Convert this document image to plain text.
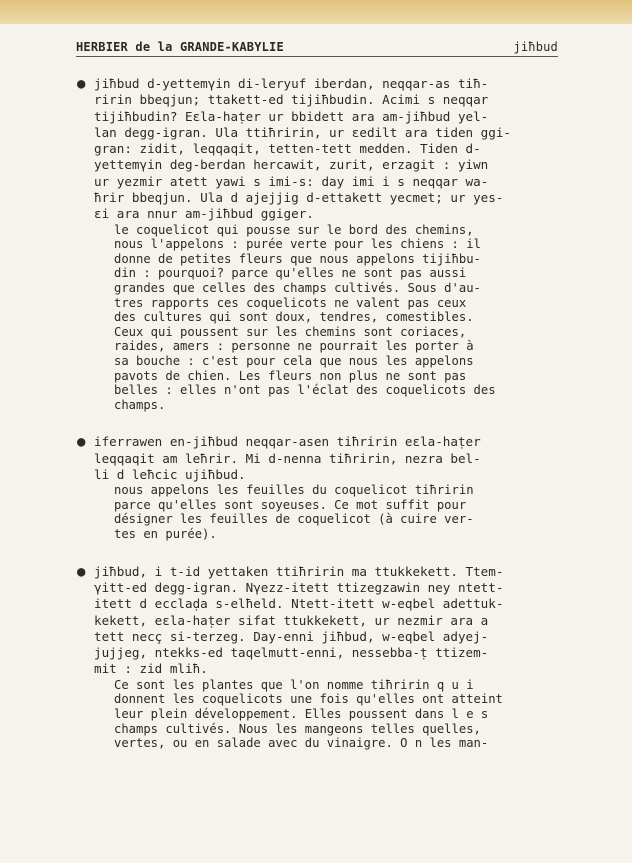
HERBIER de la GRANDE-KABYLIE	jiħbud
● jiħbud d-yettemγin di-leryuf iberdan, neqqar-as tiħ-
ririn bbeqjun; ttakett-ed tijiħbudin. Acimi s neqqar
tijiħbudin? Eεla-haṭer ur bbidett ara am-jiħbud yel-
lan degg-igran. Ula ttiħririn, ur εedilt ara tiden ggi-
gran: zidit, leqqaqit, tetten-tett medden. Tiden d-
yettemγin deg-berdan hercawit, zurit, erzagit : yiwn
ur yezmir atett yawi s imi-s: day imi i s neqqar wa-
ħrir bbeqjun. Ula d ajejjig d-ettakett yecmet; ur yes-
εi ara nnur am-jiħbud ggiger.
le coquelicot qui pousse sur le bord des chemins,
nous l'appelons : purée verte pour les chiens : il
donne de petites fleurs que nous appelons tijiħbu-
din : pourquoi? parce qu'elles ne sont pas aussi
grandes que celles des champs cultivés. Sous d'au-
tres rapports ces coquelicots ne valent pas ceux
des cultures qui sont doux, tendres, comestibles.
Ceux qui poussent sur les chemins sont coriaces,
raides, amers : personne ne pourrait les porter à
sa bouche : c'est pour cela que nous les appelons
pavots de chien. Les fleurs non plus ne sont pas
belles : elles n'ont pas l'éclat des coquelicots des
champs.
● iferrawen en-jiħbud neqqar-asen tiħririn eεla-haṭer
leqqaqit am leħrir. Mi d-nenna tiħririn, nezra bel-
li d leħcic ujiħbud.
nous appelons les feuilles du coquelicot tiħririn
parce qu'elles sont soyeuses. Ce mot suffit pour
désigner les feuilles de coquelicot (à cuire ver-
tes en purée).
● jiħbud, i t-id yettaken ttiħririn ma ttukkekett. Ttem-
γitt-ed degg-igran. Nγezz-itett ttizegzawin ney ntett-
itett d ecclaḍa s-elħeld. Ntett-itett w-eqbel adettuk-
kekett, eεla-haṭer sifat ttukkekett, ur nezmir ara a
tett necç si-terzeg. Day-enni jiħbud, w-eqbel adyej-
jujjeg, ntekks-ed taqelmutt-enni, nessebba-ṭ ttizem-
mit : zid mliħ.
Ce sont les plantes que l'on nomme tiħririn q u i
donnent les coquelicots une fois qu'elles ont atteint
leur plein développement. Elles poussent dans l e s
champs cultivés. Nous les mangeons telles quelles,
vertes, ou en salade avec du vinaigre. O n les man-
